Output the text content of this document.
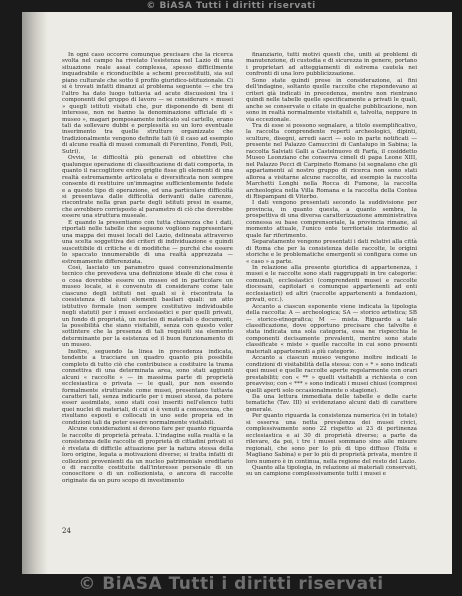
© BiASA Tutti i diritti riservati

In ogni caso occorre comunque precisare che la ricerca svolta nel campo ha rivelato l'esistenza nel Lazio di una situazione reale assai complessa, spesso difficilmente inquadrabile e riconducibile a schemi precostituiti, sia sul piano culturale che sotto il profilo giuridico-istituzionale. Ci si è trovati infatti dinanzi al problema seguente — che tra l'altro ha dato luogo tuttavia ad acute discussioni tra i componenti del gruppo di lavoro — se considerare « musei » quegli istituti visitati che, pur disponendo di beni di interesse, non ne hanno la denominazione ufficiale di « museo », magari pomposamente indicato sul cartello, erano tali da sollevare dubbi e perplessità su un loro eventuale inserimento tra quelle strutture organizzate che tradizionalmente vengono definite tali (è il caso ad esempio di alcune realtà di musei comunali di Ferentino, Fondi, Poli, Sutri).

Ovvie, le difficoltà più generali ed obiettive che qualunque operazione di classificazione di dati comporta, in quanto il raccoglitore entro griglie fisse gli elementi di una realtà estremamente articolata e diversificata non sempre consente di restituire un'immagine sufficientemente fedele e a questo tipo di operazione, ed una particolare difficoltà si presentava dalle difficoltà derivanti dalle carenze, riscontrate nella gran parte degli istituti presi in esame, che avrebbero corrisposto al parametro di ciò che dovrebbe essere una struttura museale.

E quando la presentiamo con tutta chiarezza che i dati, riportati nelle tabelle che seguono vogliono rappresentare una mappa dei musei locali del Lazio, delineata attraverso una scelta soggettiva dei criteri di individuazione e quindi suscettibile di critiche e di modifiche — purché che essere lo spaccato innumerabile di una realtà apprezzata — estremamente differenziata.

Così, lasciato un parametro quasi convenzionalmente tecnico che prevedeva una definizione ideale di che cosa è o cosa dovrebbe essere un museo ed in particolare un museo locale, si è convenuto di considerare come tale ciascuno degli istituti nei quali si è riscontrata la coesistenza di taluni elementi basilari quali: un atto istitutivo formale (non sempre costitutivo individuabile negli statuti) per i musei ecclesiastici e per quelli privati, un fondo di proprietà, un nucleo di materiali o documenti, la possibilità che siano visitabili, senza con questo voler sottintere che la presenza di tali requisiti sia elemento determinante per la esistenza ed il buon funzionamento di un museo.

Inoltre, seguendo la linea in precedenza indicata, tendente a tracciare un quadro quanto più possibile completo di tutto ciò che contribuisce a costituire la trama connettiva di una determinata area, sono stati aggiunti alcuni « raccolte » — in massima parte di proprietà ecclesiastica o privata — le quali, pur non essendo formalmente strutturate come musei, presentano tuttavia caratteri tali, senza indicarle per i musei stessi, da potere esser assimilate, sono stati così inseriti nell'elenco tutti quei nuclei di materiali, di cui si è venuti a conoscenza, che risultano esposti e collocati in uno sede propria ed in condizioni tali da poter essere normalmente visitabili.

Alcune considerazioni si devono fare per quanto riguarda le raccolte di proprietà privata. L'indagine sulla realtà e la consistenza delle raccolte di proprietà di cittadini privati si è rivelata di difficile attuazione per la natura stessa della loro origine, legata a motivazioni diverse; si tratta infatti di collezioni provenienti da un nucleo patrimoniale ereditario o di raccolte costituite dall'interesse personale di un conoscitore o di un collezionista, o ancora di raccolte originate da un puro scopo di investimento

finanziario, tutti motivi questi che, uniti ai problemi di manutenzione, di custodia e di sicurezza in genere, portano i proprietari ad atteggiamenti di estrema cautela nei confronti di una loro pubblicizzazione.

Sono state quindi prese in considerazione, ai fini dell'indagine, soltanto quelle raccolte che rispondevano ai criteri già indicati in precedenza, mentre non rientrano quindi nelle tabelle quelle specificamente a privati le quali, anche se conservate o citate in qualche pubblicazione, non sono in realtà normalmente visitabili e, talvolta, neppure in via eccezionale.

Tra di esse si possono segnalare, a titolo esemplificativo, la raccolta comprendente reperti archeologici, dipinti, sculture, disegni, arredi sacri — solo in parte notificati — presente nel Palazzo Camuccini di Cantalupo in Sabina; la raccolta Salviati Galli a Castelnuovo di Farfa, il cosiddetto Museo Leonziano che conserva cimeli di papa Leone XIII, nel Palazzo Pecci di Carpineto Romano (si segnalano che gli appartamenti al nostro gruppo di ricerca non sono stati allorea a visitarne alcune raccolte, ad esempio la raccolta Marchetti Longhi nella Rocca di Fumone, la raccolta archeologica nella Villa Romana e la raccolta della Contea di Rispampani di Viterbo.

I dati vengono presentati secondo la suddivisione per provincia, in quanto questa, a quanto sembra, la prospettiva di una diversa caratterizzazione amministrativa connessa su base comprensoriale, la provincia rimane, al momento attuale, l'unico ente territoriale intermedio al quale far riferimento.

Separatamente vengono presentati i dati relativi alla città di Roma che per la consistenza delle raccolte, le origini storiche e le problematiche emergenti si configura come un « caso » a parte.

In relazione alla presente giuridica di appartenenza, i musei e le raccolte sono stati raggruppati in tre categorie: comunali, ecclesiastici (comprendenti musei e raccolte diocesani, capitolari e comunque appartenenti ad enti ecclesiastici) ed altri (raccolte appartenenti a fondazioni, privati, ecc.).

Accanto a ciascun esponente viene indicata la tipologia della raccolta: A — archeologica; SA — storico artistica; SB — storico-etnografica; M — mista. Riguardo a tale classificazione, dove opportuno precisare che talvolte è stata indicata una sola categoria, essa ne rispecchia le componenti decisamente prevalenti, mentre sono state classificate « miste » quelle raccolte in cui sono presenti materiali appartenenti a più categorie.

Accanto a ciascun museo vengono inoltre indicati le condizioni di visitabilità della stessa: con « * » sono indicati quei musei e quelle raccolte aperte regolarmente con orari prestabiliti; con « ** » quelli visitabili a richiesta o con preavviso; con « *** » sono indicati i musei chiusi (compresi quelli aperti solo occasionalmente o stagione).

Da una lettura immediata delle tabelle e delle carte tematiche (Tav. III) si evidenziano alcuni dati di carattere generale.

Per quanto riguarda la consistenza numerica (vi in totale) si osserva una netta prevalenza dei musei civici, complessivamente sono 22 rispetto ai 23 di pertinenza ecclesiastica e ai 30 di proprietà diverse; a parte da rilevare, da poi, i tre i musei sommano sino alle misure regionali, che sono per lo più di tipo diffuso (Tolfa e Magliano Sabina) e per lo più di proprietà privata, mentre il loro numero è in continua, nella regione del resto del Lazio.

Quanto alla tipologia, in relazione ai materiali conservati, su un campione complessivamente tutti i musei e

24
© BiASA Tutti i diritti riservati
